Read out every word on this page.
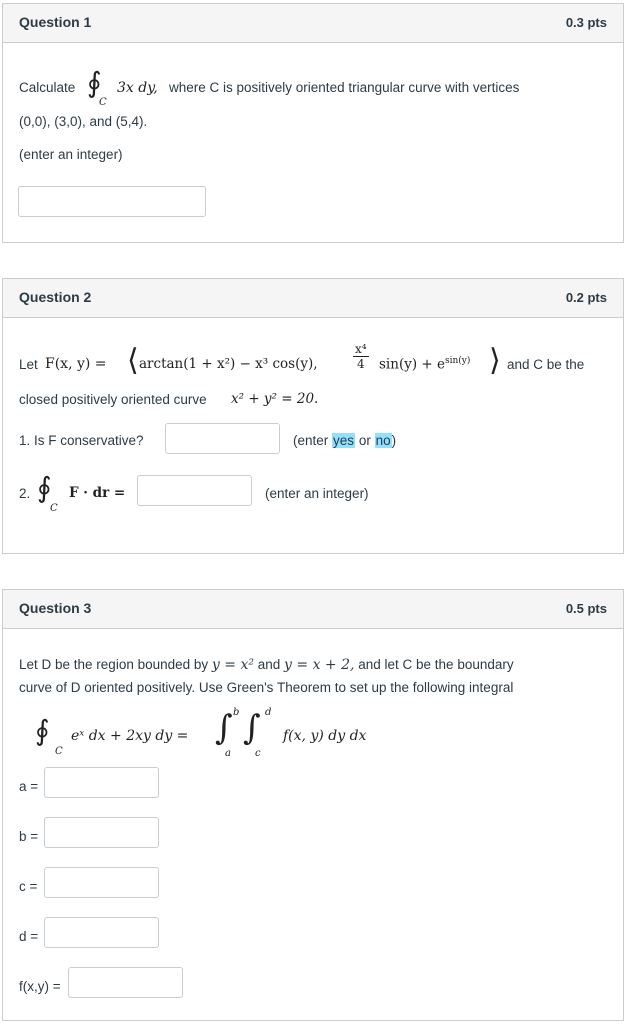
Question 1	0.3 pts
Calculate ∮
C
3x dy, where C is positively oriented triangular curve with vertices
(0,0), (3,0), and (5,4).
(enter an integer)
Question 2	0.2 pts
Let F(x, y) = ⟨ arctan(1 + x²) − x³ cos(y),	$\frac{\text{x⁴}}{4} \sin(y) + e^{sin(y)}$ ⟩ and C be the
closed positively oriented curve x² + y² = 20.
1. Is F conservative?	(enter yes or no)
2. ∮
C
F · dr =	(enter an integer)
Question 3	0.5 pts
Let D be the region bounded by y = x² and y = x + 2, and let C be the boundary
curve of D oriented positively. Use Green's Theorem to set up the following integral
∮
C
eˣ dx + 2xy dy = ∫ b
a
∫ d
c
f(x, y) dy dx
a =
b =
c =
d =
f(x,y) =
